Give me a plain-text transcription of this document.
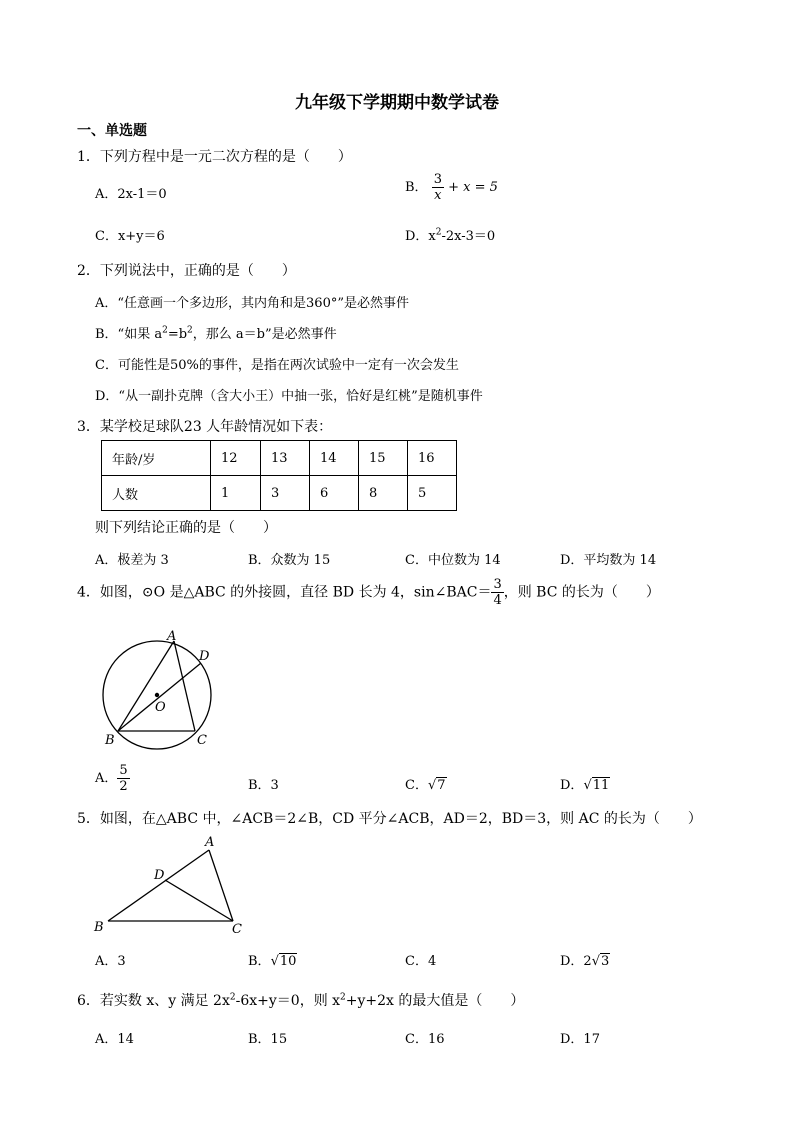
九年级下学期期中数学试卷
一、单选题
1．下列方程中是一元二次方程的是（　　）
A．2x-1＝0	B． $\frac{3}{x} + x = 5$
C．x+y＝6	D．$x^2-2x-3=0$
2．下列说法中，正确的是（　　）
A．“任意画一个多边形，其内角和是360°”是必然事件
B．“如果 $a^2=b^2$，那么 a＝b”是必然事件
C．可能性是50%的事件，是指在两次试验中一定有一次会发生
D．“从一副扑克牌（含大小王）中抽一张，恰好是红桃”是随机事件
3．某学校足球队23 人年龄情况如下表：
年龄/岁	12	13	14	15	16
人数	1	3	6	8	5
则下列结论正确的是（　　）
A．极差为 3	B．众数为 15	C．中位数为 14	D．平均数为 14
4．如图，⊙O 是△ABC 的外接圆，直径 BD 长为 4，sin∠BAC＝ $\frac{3}{4}$ ，则 BC 的长为（　　）
A
D
O
B	C
A． $\frac{5}{2}$	B．3	C．√7	D．√11
5．如图，在△ABC 中，∠ACB＝2∠B，CD 平分∠ACB，AD＝2，BD＝3，则 AC 的长为（　　）
A
D
B	C
A．3	B．√10	C．4	D．2√3
6．若实数 x、y 满足 $2x^2-6x+y=0$，则 $x^2+y+2x$ 的最大值是（　　）
A．14	B．15	C．16	D．17
